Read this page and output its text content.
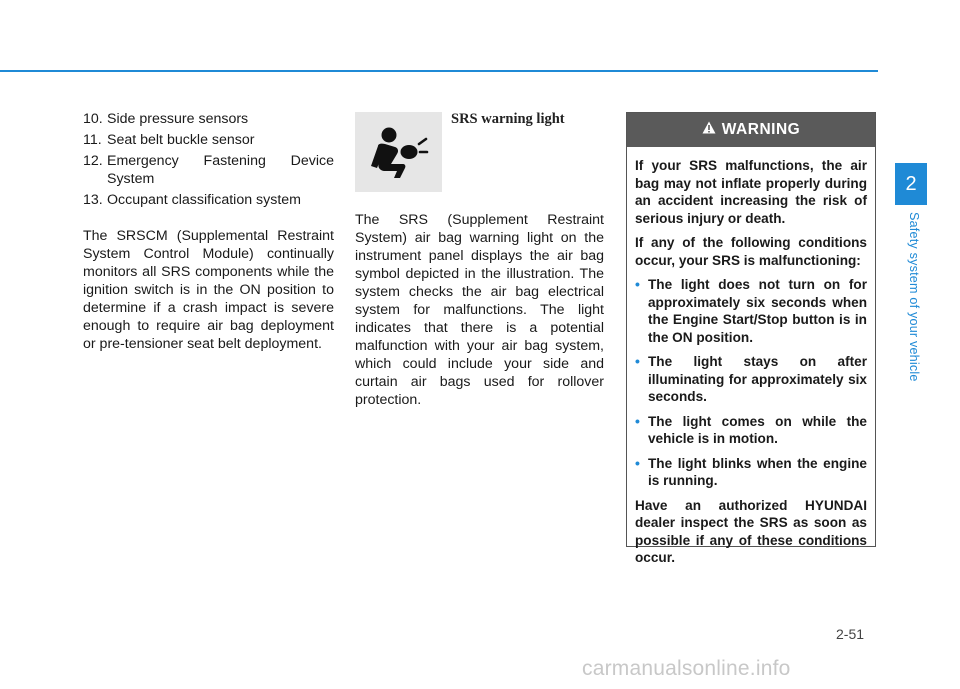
10. Side pressure sensors
11. Seat belt buckle sensor
12. Emergency Fastening Device System
13. Occupant classification system
The SRSCM (Supplemental Restraint System Control Module) continually monitors all SRS components while the ignition switch is in the ON position to determine if a crash impact is severe enough to require air bag deployment or pre-tensioner seat belt deployment.
SRS warning light
The SRS (Supplement Restraint System) air bag warning light on the instrument panel displays the air bag symbol depicted in the illustration. The system checks the air bag electrical system for malfunctions. The light indicates that there is a potential malfunction with your air bag system, which could include your side and curtain air bags used for rollover protection.
WARNING

If your SRS malfunctions, the air bag may not inflate properly during an accident increasing the risk of serious injury or death.

If any of the following conditions occur, your SRS is malfunctioning:

• The light does not turn on for approximately six seconds when the Engine Start/Stop button is in the ON position.
• The light stays on after illuminating for approximately six seconds.
• The light comes on while the vehicle is in motion.
• The light blinks when the engine is running.

Have an authorized HYUNDAI dealer inspect the SRS as soon as possible if any of these conditions occur.

2
Safety system of your vehicle
2-51
carmanualsonline.info
